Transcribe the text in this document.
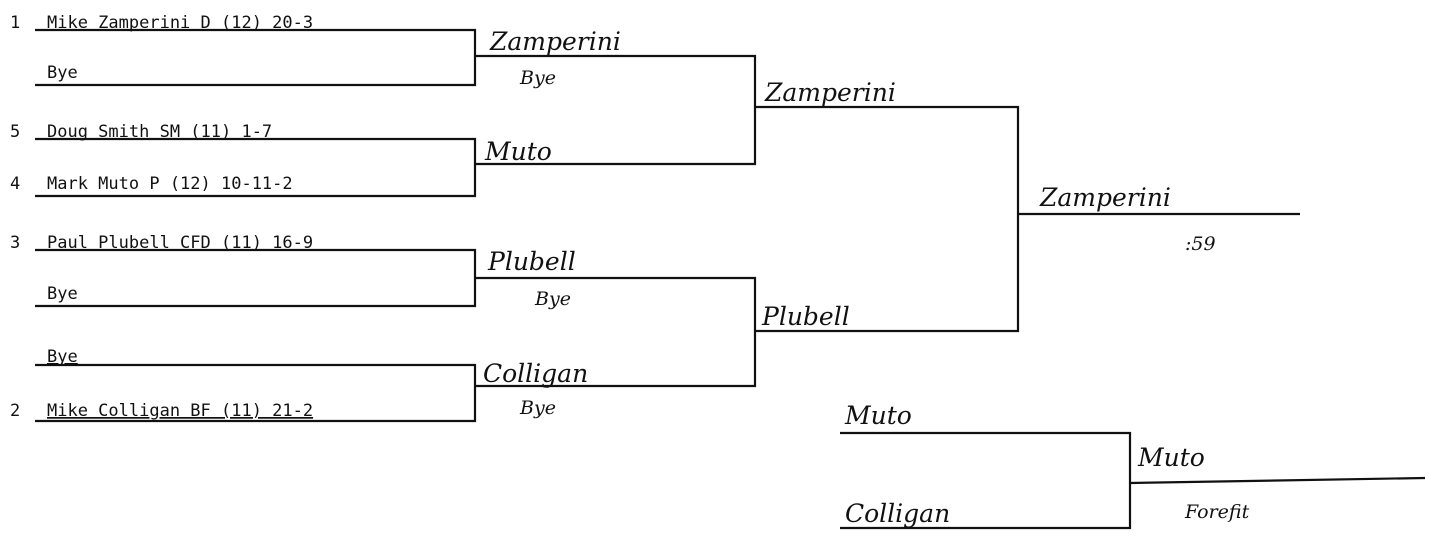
1
5
4
3
2
Mike Zamperini D (12) 20-3
Bye
Doug Smith SM (11) 1-7
Mark Muto P (12) 10-11-2
Paul Plubell CFD (11) 16-9
Bye
Bye
Mike Colligan BF (11) 21-2
Zamperini
Bye
Muto
Plubell
Bye
Colligan
Bye
Zamperini
Plubell
Zamperini
:59
Muto
Colligan
Muto
Forefit
